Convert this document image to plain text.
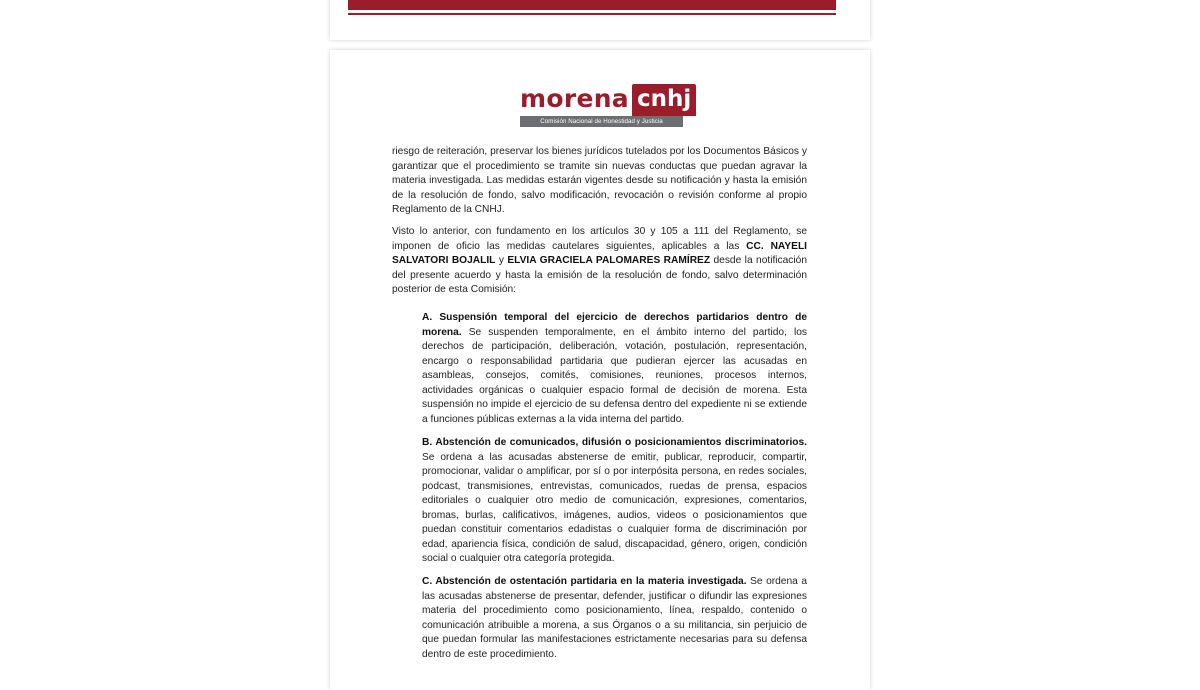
morena cnhj
Comisión Nacional de Honestidad y Justicia
riesgo de reiteración, preservar los bienes jurídicos tutelados por los Documentos Básicos y garantizar que el procedimiento se tramite sin nuevas conductas que puedan agravar la materia investigada. Las medidas estarán vigentes desde su notificación y hasta la emisión de la resolución de fondo, salvo modificación, revocación o revisión conforme al propio Reglamento de la CNHJ.
Visto lo anterior, con fundamento en los artículos 30 y 105 a 111 del Reglamento, se imponen de oficio las medidas cautelares siguientes, aplicables a las CC. NAYELI SALVATORI BOJALIL y ELVIA GRACIELA PALOMARES RAMÍREZ desde la notificación del presente acuerdo y hasta la emisión de la resolución de fondo, salvo determinación posterior de esta Comisión:
A. Suspensión temporal del ejercicio de derechos partidarios dentro de morena. Se suspenden temporalmente, en el ámbito interno del partido, los derechos de participación, deliberación, votación, postulación, representación, encargo o responsabilidad partidaria que pudieran ejercer las acusadas en asambleas, consejos, comités, comisiones, reuniones, procesos internos, actividades orgánicas o cualquier espacio formal de decisión de morena. Esta suspensión no impide el ejercicio de su defensa dentro del expediente ni se extiende a funciones públicas externas a la vida interna del partido.
B. Abstención de comunicados, difusión o posicionamientos discriminatorios. Se ordena a las acusadas abstenerse de emitir, publicar, reproducir, compartir, promocionar, validar o amplificar, por sí o por interpósita persona, en redes sociales, podcast, transmisiones, entrevistas, comunicados, ruedas de prensa, espacios editoriales o cualquier otro medio de comunicación, expresiones, comentarios, bromas, burlas, calificativos, imágenes, audios, videos o posicionamientos que puedan constituir comentarios edadistas o cualquier forma de discriminación por edad, apariencia física, condición de salud, discapacidad, género, origen, condición social o cualquier otra categoría protegida.
C. Abstención de ostentación partidaria en la materia investigada. Se ordena a las acusadas abstenerse de presentar, defender, justificar o difundir las expresiones materia del procedimiento como posicionamiento, línea, respaldo, contenido o comunicación atribuible a morena, a sus Órganos o a su militancia, sin perjuicio de que puedan formular las manifestaciones estrictamente necesarias para su defensa dentro de este procedimiento.
